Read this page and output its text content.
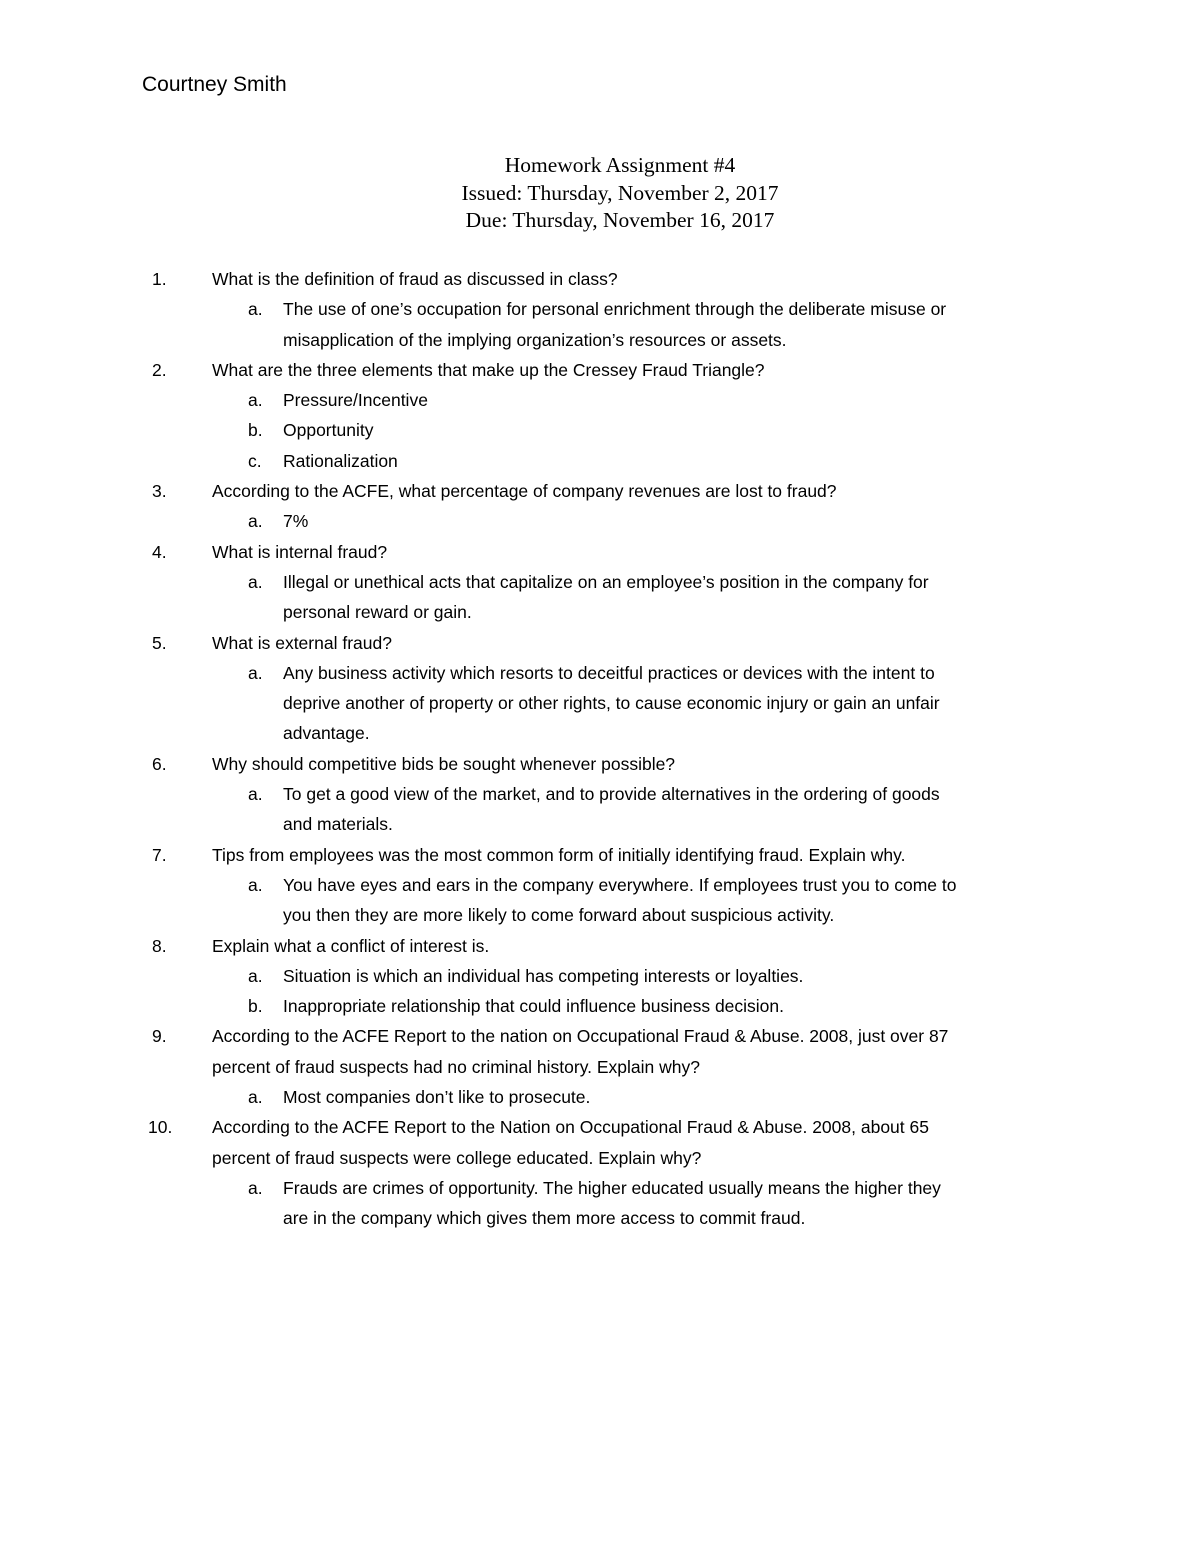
Courtney Smith
Homework Assignment #4
Issued: Thursday, November 2, 2017
Due: Thursday, November 16, 2017
1.	What is the definition of fraud as discussed in class?
a.	The use of one’s occupation for personal enrichment through the deliberate misuse or
misapplication of the implying organization’s resources or assets.
2.	What are the three elements that make up the Cressey Fraud Triangle?
a.	Pressure/Incentive
b.	Opportunity
c.	Rationalization
3.	According to the ACFE, what percentage of company revenues are lost to fraud?
a.	7%
4.	What is internal fraud?
a.	Illegal or unethical acts that capitalize on an employee’s position in the company for
personal reward or gain.
5.	What is external fraud?
a.	Any business activity which resorts to deceitful practices or devices with the intent to
deprive another of property or other rights, to cause economic injury or gain an unfair
advantage.
6.	Why should competitive bids be sought whenever possible?
a.	To get a good view of the market, and to provide alternatives in the ordering of goods
and materials.
7.	Tips from employees was the most common form of initially identifying fraud. Explain why.
a.	You have eyes and ears in the company everywhere. If employees trust you to come to
you then they are more likely to come forward about suspicious activity.
8.	Explain what a conflict of interest is.
a.	Situation is which an individual has competing interests or loyalties.
b.	Inappropriate relationship that could influence business decision.
9.	According to the ACFE Report to the nation on Occupational Fraud & Abuse. 2008, just over 87
percent of fraud suspects had no criminal history. Explain why?
a.	Most companies don’t like to prosecute.
10.	According to the ACFE Report to the Nation on Occupational Fraud & Abuse. 2008, about 65
percent of fraud suspects were college educated. Explain why?
a.	Frauds are crimes of opportunity. The higher educated usually means the higher they
are in the company which gives them more access to commit fraud.
